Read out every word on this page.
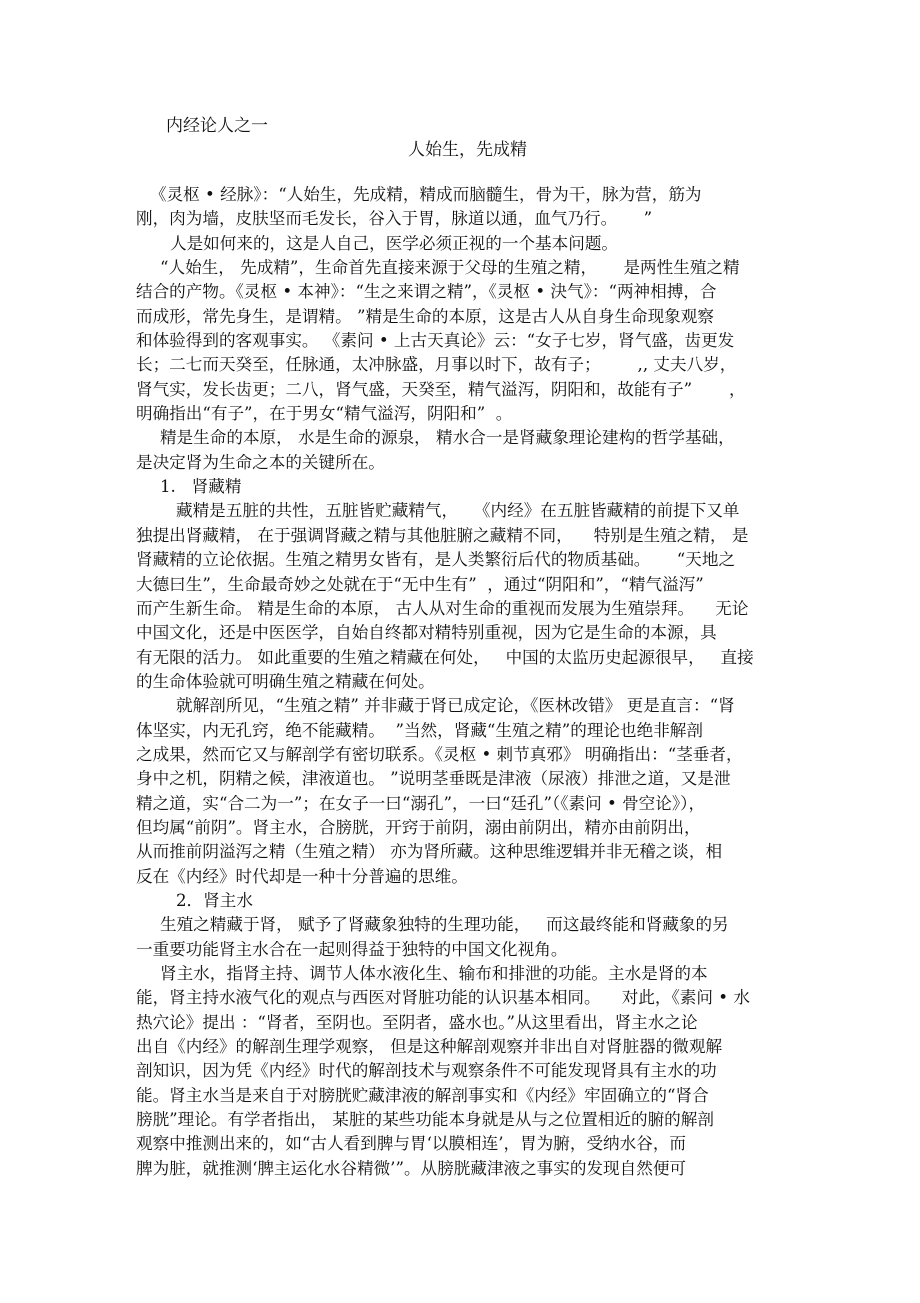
内经论人之一
人始生，先成精
《灵枢 • 经脉》：“人始生，先成精，精成而脑髓生，骨为干，脉为营，筋为
刚，肉为墙，皮肤坚而毛发长，谷入于胃，脉道以通，血气乃行。     ”
人是如何来的，这是人自己，医学必须正视的一个基本问题。
“人始生， 先成精”，生命首先直接来源于父母的生殖之精，     是两性生殖之精
结合的产物。《灵枢 • 本神》：“生之来谓之精”，《灵枢 • 決气》：“两神相搏，合
而成形，常先身生，是谓精。 ”精是生命的本原，这是古人从自身生命现象观察
和体验得到的客观事实。 《素问 • 上古天真论》云：“女子七岁，肾气盛，齿更发
长；二七而天癸至，任脉通，太冲脉盛，月事以时下，故有子；       ,, 丈夫八岁，
肾气实，发长齿更；二八，肾气盛，天癸至，精气溢泻，阴阳和，故能有子”       ，
明确指出“有子”，在于男女“精气溢泻，阴阳和”  。
精是生命的本原， 水是生命的源泉， 精水合一是肾藏象理论建构的哲学基础，
是决定肾为生命之本的关键所在。
1.   肾藏精
藏精是五脏的共性，五脏皆贮藏精气，   《内经》在五脏皆藏精的前提下又单
独提出肾藏精， 在于强调肾藏之精与其他脏腑之藏精不同，    特别是生殖之精， 是
肾藏精的立论依据。生殖之精男女皆有，是人类繁衍后代的物质基础。     “天地之
大德曰生”，生命最奇妙之处就在于“无中生有”  ，通过“阴阳和”，“精气溢泻”
而产生新生命。 精是生命的本原， 古人从对生命的重视而发展为生殖崇拜。    无论
中国文化，还是中医医学，自始自终都对精特别重视，因为它是生命的本源，具
有无限的活力。 如此重要的生殖之精藏在何处，   中国的太监历史起源很早，   直接
的生命体验就可明确生殖之精藏在何处。
就解剖所见，“生殖之精” 并非藏于肾已成定论，《医林改错》 更是直言：“肾
体坚实，内无孔窍，绝不能藏精。  ”当然，肾藏“生殖之精”的理论也绝非解剖
之成果，然而它又与解剖学有密切联系。《灵枢 • 刺节真邪》 明确指出：“茎垂者，
身中之机，阴精之候，津液道也。 ”说明茎垂既是津液（尿液）排泄之道，又是泄
精之道，实“合二为一”；在女子一曰“溺孔”，一曰“廷孔”（《素问 • 骨空论》），
但均属“前阴”。肾主水，合膀胱，开窍于前阴，溺由前阴出，精亦由前阴出，
从而推前阴溢泻之精（生殖之精） 亦为肾所藏。这种思维逻辑并非无稽之谈，相
反在《内经》时代却是一种十分普遍的思维。
2．肾主水
生殖之精藏于肾， 赋予了肾藏象独特的生理功能，   而这最终能和肾藏象的另
一重要功能肾主水合在一起则得益于独特的中国文化视角。
肾主水，指肾主持、调节人体水液化生、输布和排泄的功能。主水是肾的本
能，肾主持水液气化的观点与西医对肾脏功能的认识基本相同。    对此，《素问 • 水
热穴论》提出 ：“肾者，至阴也。至阴者，盛水也。”从这里看出，肾主水之论
出自《内经》的解剖生理学观察， 但是这种解剖观察并非出自对肾脏器的微观解
剖知识，因为凭《内经》时代的解剖技术与观察条件不可能发现肾具有主水的功
能。肾主水当是来自于对膀胱贮藏津液的解剖事实和《内经》牢固确立的“肾合
膀胱”理论。有学者指出， 某脏的某些功能本身就是从与之位置相近的腑的解剖
观察中推测出来的，如“古人看到脾与胃‘以膜相连’，胃为腑，受纳水谷，而
脾为脏，就推测‘脾主运化水谷精微’”。从膀胱藏津液之事实的发现自然便可
